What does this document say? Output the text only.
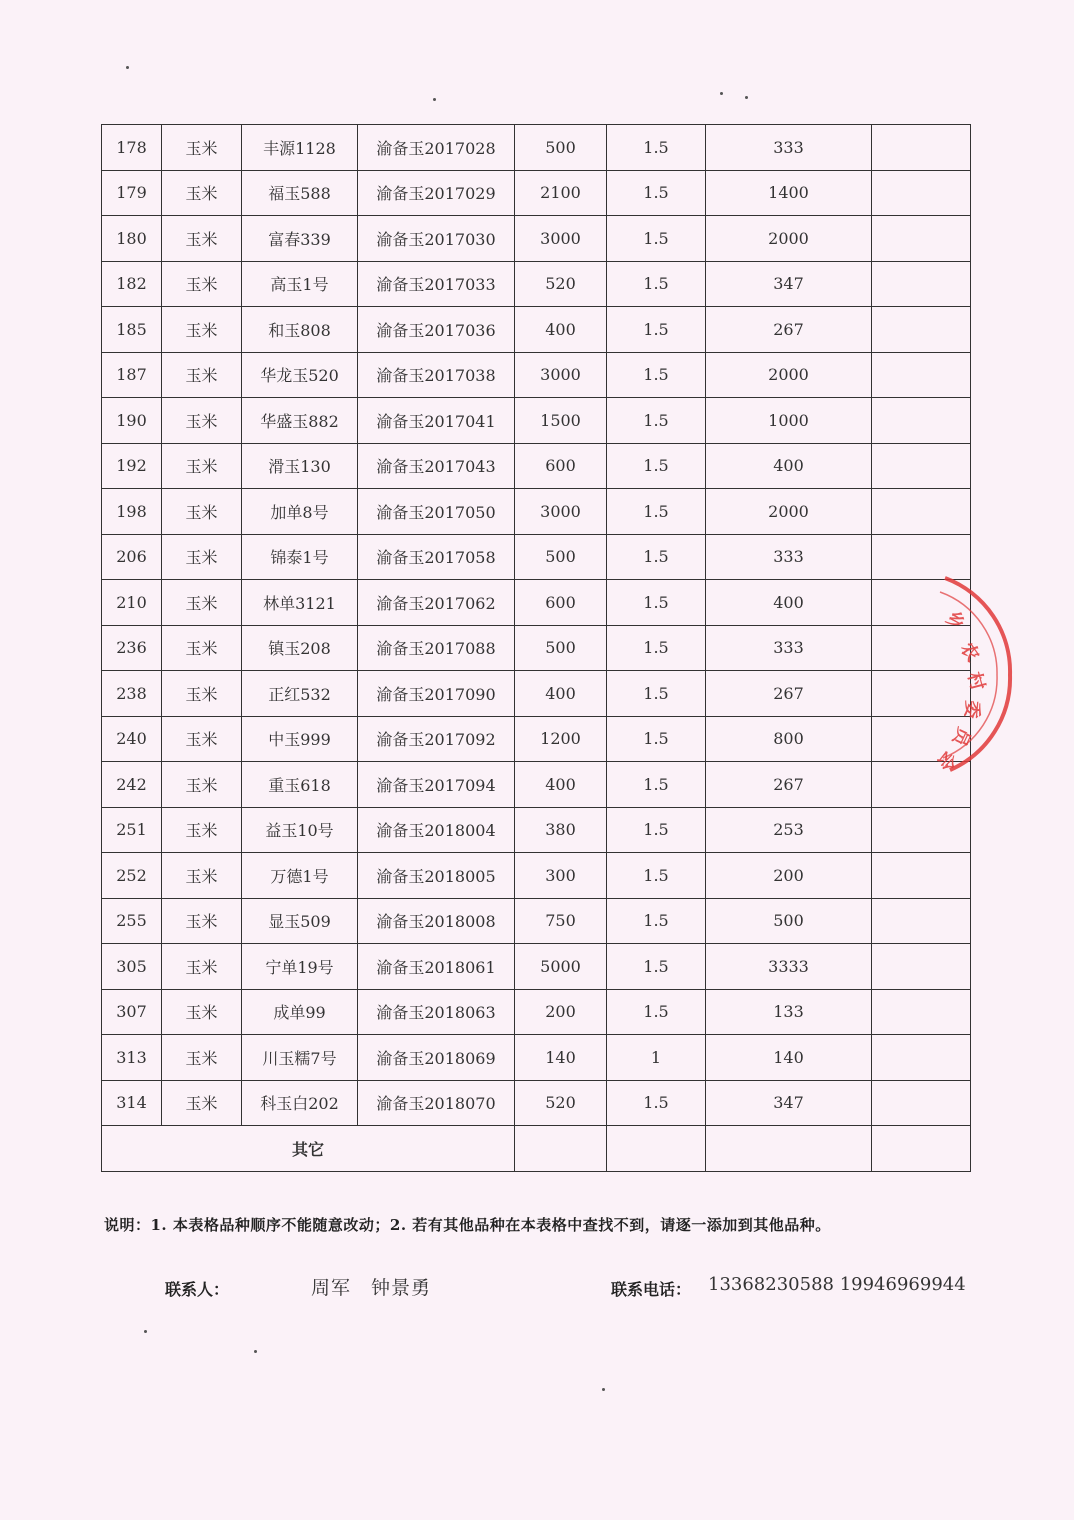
178	玉米	丰源1128	渝备玉2017028	500	1.5	333	
179	玉米	福玉588	渝备玉2017029	2100	1.5	1400	
180	玉米	富春339	渝备玉2017030	3000	1.5	2000	
182	玉米	高玉1号	渝备玉2017033	520	1.5	347	
185	玉米	和玉808	渝备玉2017036	400	1.5	267	
187	玉米	华龙玉520	渝备玉2017038	3000	1.5	2000	
190	玉米	华盛玉882	渝备玉2017041	1500	1.5	1000	
192	玉米	滑玉130	渝备玉2017043	600	1.5	400	
198	玉米	加单8号	渝备玉2017050	3000	1.5	2000	
206	玉米	锦泰1号	渝备玉2017058	500	1.5	333	
210	玉米	林单3121	渝备玉2017062	600	1.5	400	
236	玉米	镇玉208	渝备玉2017088	500	1.5	333	
238	玉米	正红532	渝备玉2017090	400	1.5	267	
240	玉米	中玉999	渝备玉2017092	1200	1.5	800	
242	玉米	重玉618	渝备玉2017094	400	1.5	267	
251	玉米	益玉10号	渝备玉2018004	380	1.5	253	
252	玉米	万德1号	渝备玉2018005	300	1.5	200	
255	玉米	显玉509	渝备玉2018008	750	1.5	500	
305	玉米	宁单19号	渝备玉2018061	5000	1.5	3333	
307	玉米	成单99	渝备玉2018063	200	1.5	133	
313	玉米	川玉糯7号	渝备玉2018069	140	1	140	
314	玉米	科玉白202	渝备玉2018070	520	1.5	347	
其它							
说明：1. 本表格品种顺序不能随意改动；2. 若有其他品种在本表格中查找不到，请逐一添加到其他品种。
联系人：	周军　钟景勇	联系电话： 13368230588 19946969944
乡
农
村
委
员
会
